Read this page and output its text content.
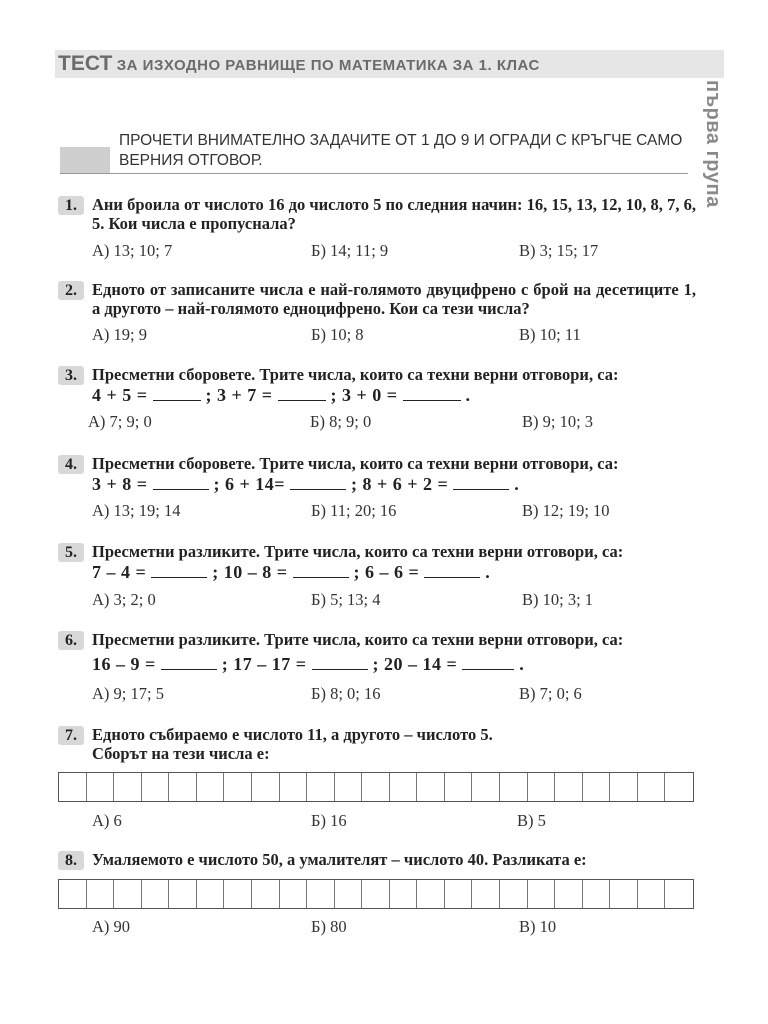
ТЕСТ ЗА ИЗХОДНО РАВНИЩЕ ПО МАТЕМАТИКА ЗА 1. КЛАС
първа група
ПРОЧЕТИ ВНИМАТЕЛНО ЗАДАЧИТЕ ОТ 1 ДО 9 И ОГРАДИ С КРЪГЧЕ САМО ВЕРНИЯ ОТГОВОР.
1. Ани броила от числото 16 до числото 5 по следния начин: 16, 15, 13, 12, 10, 8, 7, 6, 5. Кои числа е пропуснала?
А) 13; 10; 7	Б) 14; 11; 9	В) 3; 15; 17
2. Едното от записаните числа е най-голямото двуцифрено с брой на десетиците 1, а другото – най-голямото едноцифрено. Кои са тези числа?
А) 19; 9	Б) 10; 8	В) 10; 11
3. Пресметни сборовете. Трите числа, които са техни верни отговори, са:
4 + 5 =	; 3 + 7 =	; 3 + 0 =	.
А) 7; 9; 0	Б) 8; 9; 0	В) 9; 10; 3
4. Пресметни сборовете. Трите числа, които са техни верни отговори, са:
3 + 8 =	; 6 + 14=	; 8 + 6 + 2 =	.
А) 13; 19; 14	Б) 11; 20; 16	В) 12; 19; 10
5. Пресметни разликите. Трите числа, които са техни верни отговори, са:
7 – 4 =	; 10 – 8 =	; 6 – 6 =	.
А) 3; 2; 0	Б) 5; 13; 4	В) 10; 3; 1
6. Пресметни разликите. Трите числа, които са техни верни отговори, са:
16 – 9 =	; 17 – 17 =	; 20 – 14 =	.
А) 9; 17; 5	Б) 8; 0; 16	В) 7; 0; 6
7. Едното събираемо е числото 11, а другото – числото 5.
Сборът на тези числа е:
А) 6	Б) 16	В) 5
8. Умаляемото е числото 50, а умалителят – числото 40. Разликата е:
А) 90	Б) 80	В) 10
